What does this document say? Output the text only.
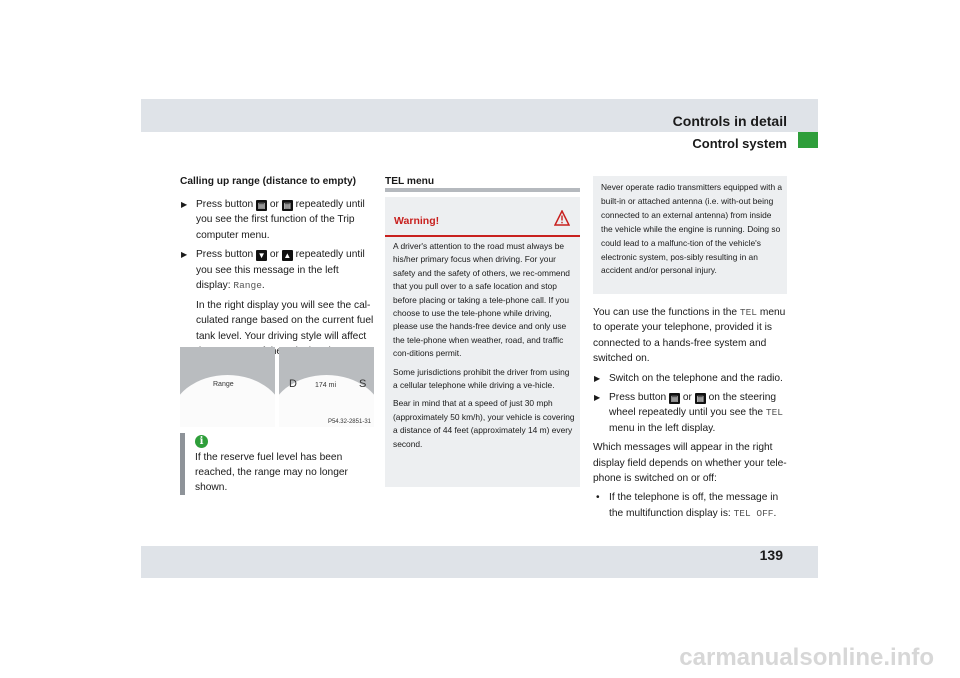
Controls in detail
Control system
Calling up range (distance to empty)
▶ Press button ▤ or ▤ repeatedly until you see the first function of the Trip computer menu.
▶ Press button ▼ or ▲ repeatedly until you see this message in the left display: Range.
In the right display you will see the cal-culated range based on the current fuel tank level. Your driving style will affect
Range	D	174 mi S
P54.32-2851-31
i
If the reserve fuel level has been reached, the range may no longer shown.
TEL menu
Warning!

A driver's attention to the road must always be his/her primary focus when driving. For your safety and the safety of others, we rec-ommend that you pull over to a safe location and stop before placing or taking a tele-phone call. If you choose to use the tele-phone while driving, please use the hands-free device and only use the tele-phone when weather, road, and traffic con-ditions permit.

Some jurisdictions prohibit the driver from using a cellular telephone while driving a ve-hicle.

Bear in mind that at a speed of just 30 mph (approximately 50 km/h), your vehicle is covering a distance of 44 feet (approximately 14 m) every second.

Never operate radio transmitters equipped with a built-in or attached antenna (i.e. with-out being connected to an external antenna) from inside the vehicle while the engine is running. Doing so could lead to a malfunc-tion of the vehicle's electronic system, pos-sibly resulting in an accident and/or personal injury.

You can use the functions in the TEL menu to operate your telephone, provided it is connected to a hands-free system and switched on.

▶ Switch on the telephone and the radio.
▶ Press button ▤ or ▤ on the steering wheel repeatedly until you see the TEL menu in the left display.

Which messages will appear in the right display field depends on whether your tele-phone is switched on or off:

• If the telephone is off, the message in the multifunction display is: TEL OFF.
139
carmanualsonline.info
